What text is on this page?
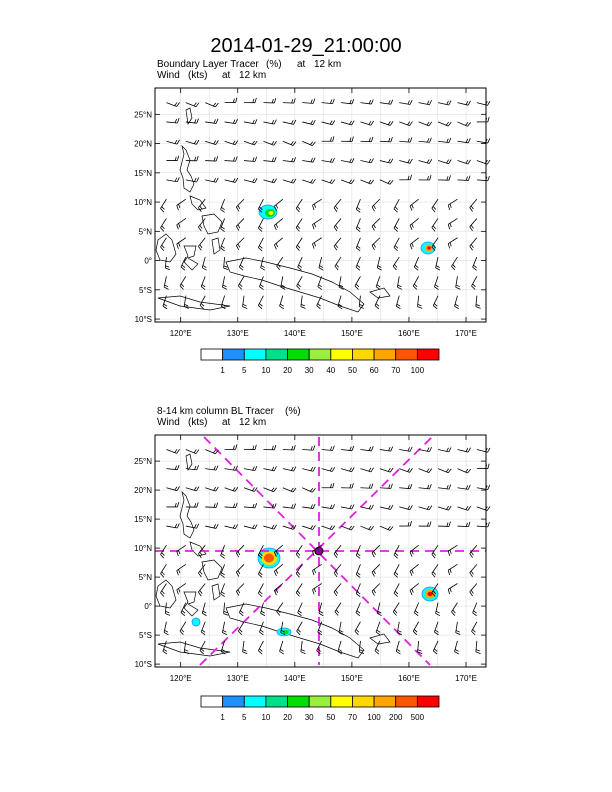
2014-01-29_21:00:00
Boundary Layer Tracer (%) at 12 km
Wind (kts) at 12 km
25°N
20°N
15°N
10°N
5°N
0°
5°S
10°S
120°E	130°E	140°E	150°E	160°E	170°E
1 5 10 20 30 40 50 60 70 100
8-14 km column BL Tracer (%)
Wind (kts) at 12 km
25°N
20°N
15°N
10°N
5°N
0°
5°S
10°S
120°E	130°E	140°E	150°E	160°E	170°E
1 5 10 20 30 50 70 100 200 500
